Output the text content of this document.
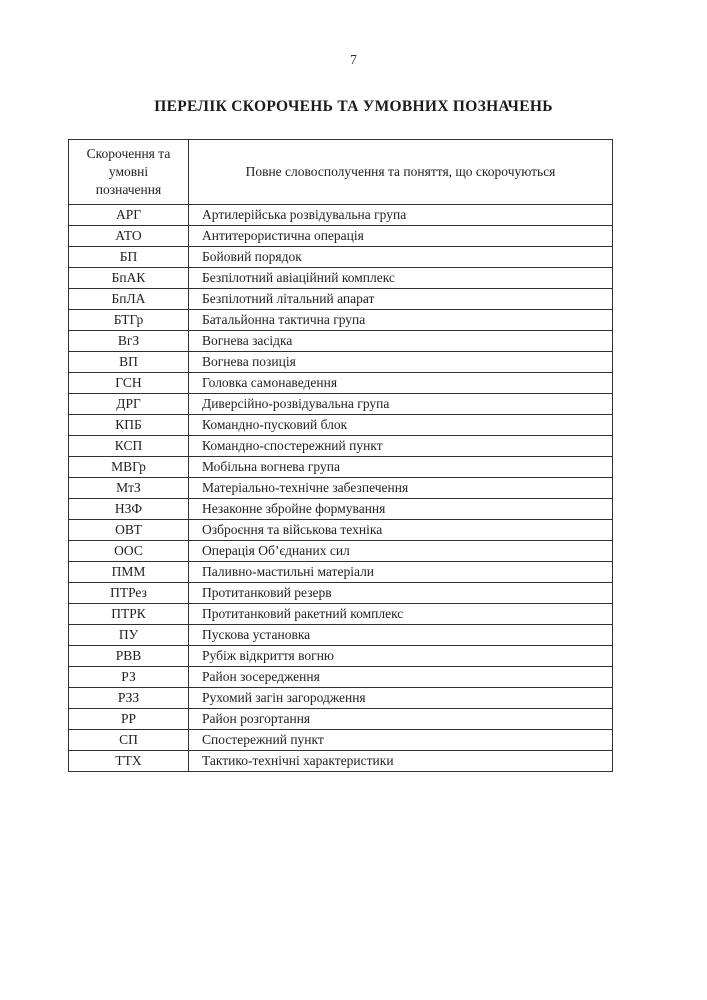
7
ПЕРЕЛІК СКОРОЧЕНЬ ТА УМОВНИХ ПОЗНАЧЕНЬ
Скорочення та умовні позначення	Повне словосполучення та поняття, що скорочуються
АРГ	Артилерійська розвідувальна група
АТО	Антитерористична операція
БП	Бойовий порядок
БпАК	Безпілотний авіаційний комплекс
БпЛА	Безпілотний літальний апарат
БТГр	Батальйонна тактична група
ВгЗ	Вогнева засідка
ВП	Вогнева позиція
ГСН	Головка самонаведення
ДРГ	Диверсійно-розвідувальна група
КПБ	Командно-пусковий блок
КСП	Командно-спостережний пункт
МВГр	Мобільна вогнева група
МтЗ	Матеріально-технічне забезпечення
НЗФ	Незаконне збройне формування
ОВТ	Озброєння та військова техніка
ООС	Операція Об’єднаних сил
ПММ	Паливно-мастильні матеріали
ПТРез	Протитанковий резерв
ПТРК	Протитанковий ракетний комплекс
ПУ	Пускова установка
РВВ	Рубіж відкриття вогню
РЗ	Район зосередження
РЗЗ	Рухомий загін загородження
РР	Район розгортання
СП	Спостережний пункт
ТТХ	Тактико-технічні характеристики
